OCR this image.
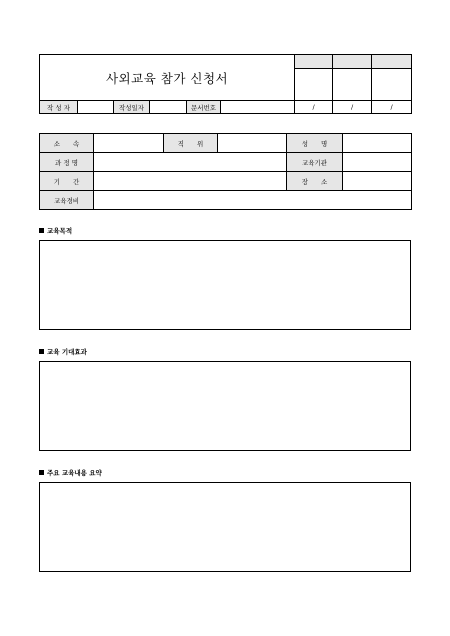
사외교육 참가 신청서								

작 성 자		작성일자		문서번호		/	/	/
소　　속		직　　위		성　　명	
과 정 명				교육기관	
기　　간				장　　소	
교육경비					
교육목적
교육 기대효과
주요 교육내용 요약
